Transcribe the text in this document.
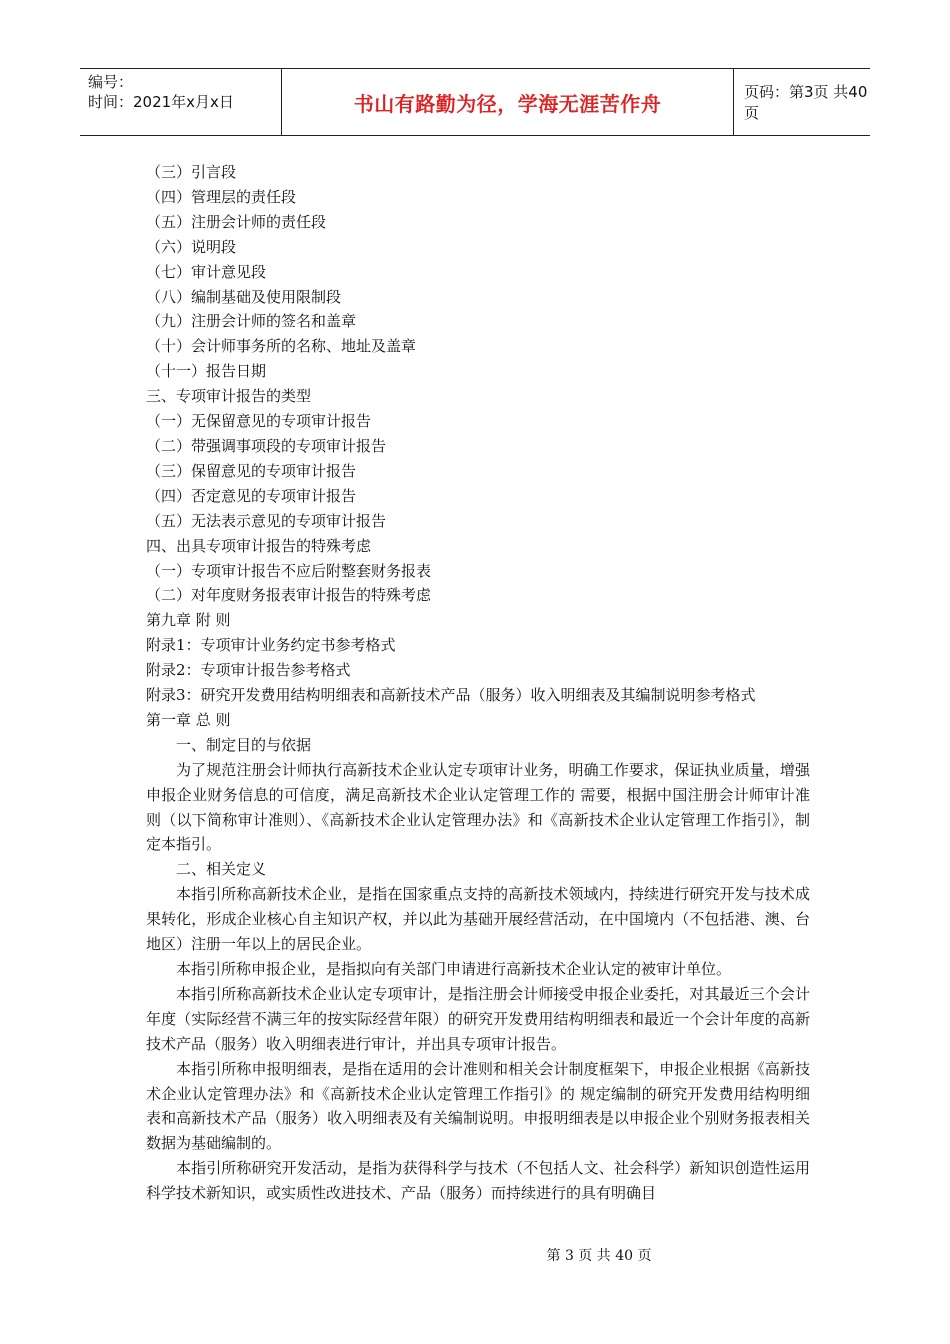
编号：
时间：2021年x月x日	书山有路勤为径，学海无涯苦作舟	页码：第3页 共40页

（三）引言段

（四）管理层的责任段

（五）注册会计师的责任段

（六）说明段

（七）审计意见段

（八）编制基础及使用限制段

（九）注册会计师的签名和盖章

（十）会计师事务所的名称、地址及盖章

（十一）报告日期

三、专项审计报告的类型

（一）无保留意见的专项审计报告

（二）带强调事项段的专项审计报告

（三）保留意见的专项审计报告

（四）否定意见的专项审计报告

（五）无法表示意见的专项审计报告

四、出具专项审计报告的特殊考虑

（一）专项审计报告不应后附整套财务报表

（二）对年度财务报表审计报告的特殊考虑

第九章 附 则

附录1：专项审计业务约定书参考格式

附录2：专项审计报告参考格式

附录3：研究开发费用结构明细表和高新技术产品（服务）收入明细表及其编制说明参考格式

第一章 总 则

一、制定目的与依据

为了规范注册会计师执行高新技术企业认定专项审计业务，明确工作要求，保证执业质量，增强申报企业财务信息的可信度，满足高新技术企业认定管理工作的 需要，根据中国注册会计师审计准则（以下简称审计准则）、《高新技术企业认定管理办法》和《高新技术企业认定管理工作指引》，制定本指引。

二、相关定义

本指引所称高新技术企业，是指在国家重点支持的高新技术领域内，持续进行研究开发与技术成果转化，形成企业核心自主知识产权，并以此为基础开展经营活动，在中国境内（不包括港、澳、台地区）注册一年以上的居民企业。

本指引所称申报企业，是指拟向有关部门申请进行高新技术企业认定的被审计单位。

本指引所称高新技术企业认定专项审计，是指注册会计师接受申报企业委托，对其最近三个会计年度（实际经营不满三年的按实际经营年限）的研究开发费用结构明细表和最近一个会计年度的高新技术产品（服务）收入明细表进行审计，并出具专项审计报告。

本指引所称申报明细表，是指在适用的会计准则和相关会计制度框架下，申报企业根据《高新技术企业认定管理办法》和《高新技术企业认定管理工作指引》的 规定编制的研究开发费用结构明细表和高新技术产品（服务）收入明细表及有关编制说明。申报明细表是以申报企业个别财务报表相关数据为基础编制的。

本指引所称研究开发活动，是指为获得科学与技术（不包括人文、社会科学）新知识创造性运用科学技术新知识，或实质性改进技术、产品（服务）而持续进行的具有明确目

第 3 页 共 40 页
